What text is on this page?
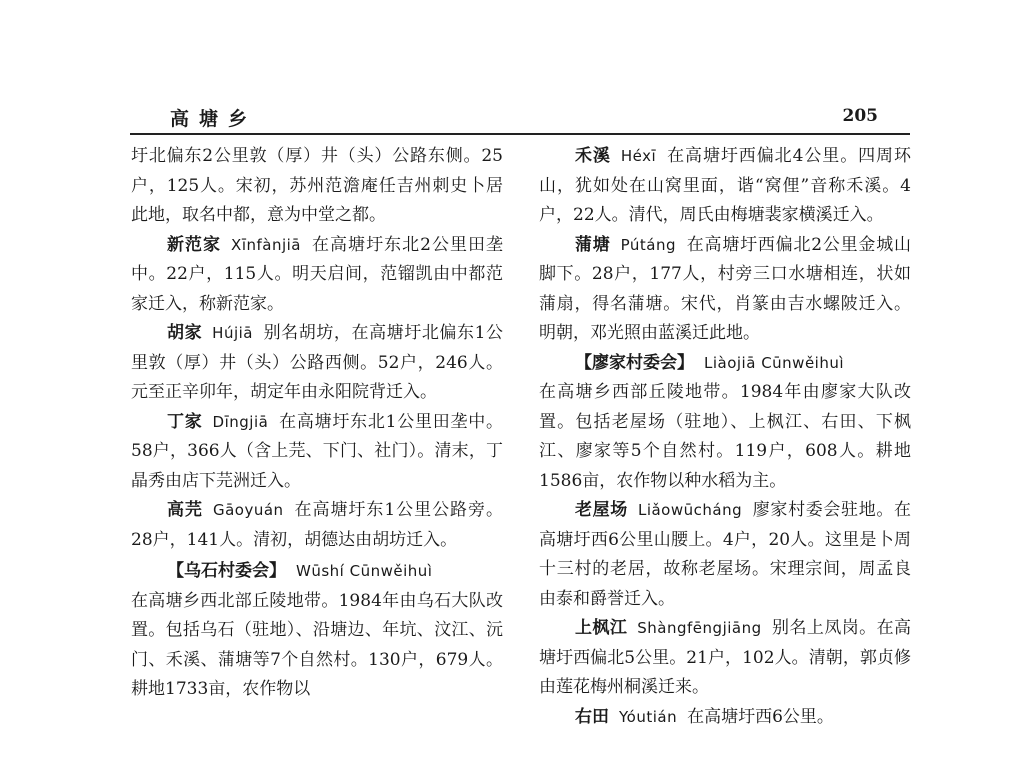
高塘乡	205

圩北偏东2公里敦（厚）井（头）公路东侧。25户，125人。宋初，苏州范澹庵任吉州刺史卜居此地，取名中都，意为中堂之都。

新范家 Xīnfànjiā 在高塘圩东北2公里田垄中。22户，115人。明天启间，范镏凯由中都范家迁入，称新范家。

胡家 Hújiā 别名胡坊，在高塘圩北偏东1公里敦（厚）井（头）公路西侧。52户，246人。元至正辛卯年，胡定年由永阳院背迁入。

丁家 Dīngjiā 在高塘圩东北1公里田垄中。58户，366人（含上芫、下门、社门）。清末，丁晶秀由店下芫洲迁入。

高芫 Gāoyuán 在高塘圩东1公里公路旁。28户，141人。清初，胡德达由胡坊迁入。

【乌石村委会】 Wūshí Cūnwěihuì

在高塘乡西北部丘陵地带。1984年由乌石大队改置。包括乌石（驻地）、沿塘边、年坑、汶江、沅门、禾溪、蒲塘等7个自然村。130户，679人。耕地1733亩，农作物以

禾溪 Héxī 在高塘圩西偏北4公里。四周环山，犹如处在山窝里面，谐“窝俚”音称禾溪。4户，22人。清代，周氏由梅塘裴家横溪迁入。

蒲塘 Pútáng 在高塘圩西偏北2公里金城山脚下。28户，177人，村旁三口水塘相连，状如蒲扇，得名蒲塘。宋代，肖篆由吉水螺陂迁入。明朝，邓光照由蓝溪迁此地。

【廖家村委会】 Liàojiā Cūnwěihuì

在高塘乡西部丘陵地带。1984年由廖家大队改置。包括老屋场（驻地）、上枫江、右田、下枫江、廖家等5个自然村。119户，608人。耕地1586亩，农作物以种水稻为主。

老屋场 Liǎowūcháng 廖家村委会驻地。在高塘圩西6公里山腰上。4户，20人。这里是卜周十三村的老居，故称老屋场。宋理宗间，周孟良由泰和爵誉迁入。

上枫江 Shàngfēngjiāng 别名上凤岗。在高塘圩西偏北5公里。21户，102人。清朝，郭贞修由莲花梅州桐溪迁来。

右田 Yóutián 在高塘圩西6公里。
